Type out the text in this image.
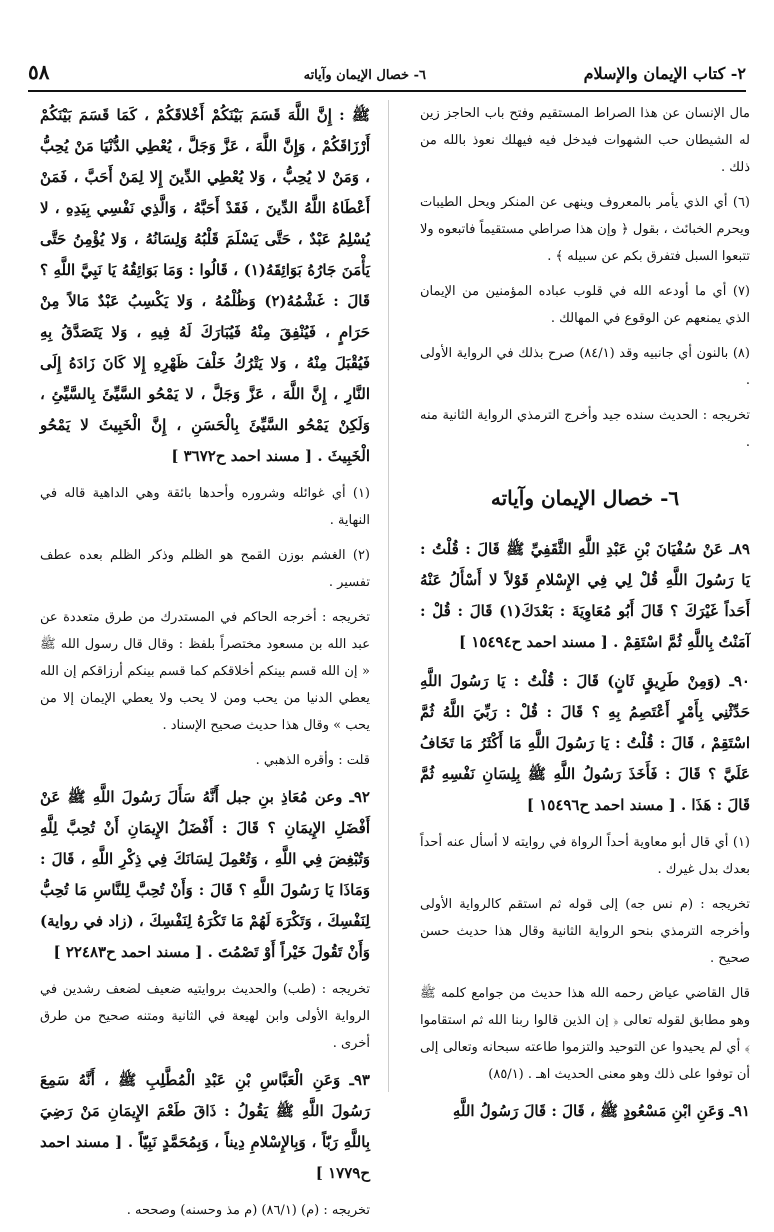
٢- كتاب الإيمان والإسلام
٦- خصال الإيمان وآياته
٥٨

مال الإنسان عن هذا الصراط المستقيم وفتح باب الحاجز زين له الشيطان حب الشهوات فيدخل فيه فيهلك نعوذ بالله من ذلك .

(٦) أي الذي يأمر بالمعروف وينهى عن المنكر ويحل الطيبات ويحرم الخبائث ، بقول ﴿ وإن هذا صراطي مستقيماً فاتبعوه ولا تتبعوا السبل فتفرق بكم عن سبيله ﴾ .

(٧) أي ما أودعه الله في قلوب عباده المؤمنين من الإيمان الذي يمنعهم عن الوقوع في المهالك .

(٨) بالنون أي جانبيه وقد (٨٤/١) صرح بذلك في الرواية الأولى .

تخريجه : الحديث سنده جيد وأخرج الترمذي الرواية الثانية منه .

٦- خصال الإيمان وآياته

٨٩ـ عَنْ سُفْيَانَ بْنِ عَبْدِ اللَّهِ الثَّقَفِيِّ ﷺ قَالَ : قُلْتُ : يَا رَسُولَ اللَّهِ قُلْ لِي فِي الإِسْلامِ قَوْلاً لا أَسْأَلُ عَنْهُ أَحَداً غَيْرَكَ ؟ قَالَ أَبُو مُعَاوِيَةَ : بَعْدَكَ(١) قَالَ : قُلْ : آمَنْتُ بِاللَّهِ ثُمَّ اسْتَقِمْ . [ مسند احمد ح١٥٤٩٤ ]

٩٠ـ (وَمِنْ طَرِيقٍ ثَانٍ) قَالَ : قُلْتُ : يَا رَسُولَ اللَّهِ حَدِّثْنِي بِأَمْرٍ أَعْتَصِمُ بِهِ ؟ قَالَ : قُلْ : رَبِّيَ اللَّهُ ثُمَّ اسْتَقِمْ ، قَالَ : قُلْتُ : يَا رَسُولَ اللَّهِ مَا أَكْثَرُ مَا تَخَافُ عَلَيَّ ؟ قَالَ : فَأَخَذَ رَسُولُ اللَّهِ ﷺ بِلِسَانِ نَفْسِهِ ثُمَّ قَالَ : هَذَا . [ مسند احمد ح١٥٤٩٦ ]

(١) أي قال أبو معاوية أحداً الرواة في روايته لا أسأل عنه أحداً بعدك بدل غيرك .

تخريجه : (م نس جه) إلى قوله ثم استقم كالرواية الأولى وأخرجه الترمذي بنحو الرواية الثانية وقال هذا حديث حسن صحيح .

قال القاضي عياض رحمه الله هذا حديث من جوامع كلمه ﷺ وهو مطابق لقوله تعالى ﴿ إن الذين قالوا ربنا الله ثم استقاموا ﴾ أي لم يحيدوا عن التوحيد والتزموا طاعته سبحانه وتعالى إلى أن توفوا على ذلك وهو معنى الحديث اهـ . (٨٥/١)

٩١ـ وَعَنِ ابْنِ مَسْعُودٍ ﷺ ، قَالَ : قَالَ رَسُولُ اللَّهِ

ﷺ : إِنَّ اللَّهَ قَسَمَ بَيْنَكُمْ أَخْلاقَكُمْ ، كَمَا قَسَمَ بَيْنَكُمْ أَرْزَاقَكُمْ ، وَإِنَّ اللَّهَ ، عَزَّ وَجَلَّ ، يُعْطِي الدُّنْيَا مَنْ يُحِبُّ ، وَمَنْ لا يُحِبُّ ، وَلا يُعْطِي الدِّينَ إِلا لِمَنْ أَحَبَّ ، فَمَنْ أَعْطَاهُ اللَّهُ الدِّينَ ، فَقَدْ أَحَبَّهُ ، وَالَّذِي نَفْسِي بِيَدِهِ ، لا يُسْلِمُ عَبْدٌ ، حَتَّى يَسْلَمَ قَلْبُهُ وَلِسَانُهُ ، وَلا يُؤْمِنُ حَتَّى يَأْمَنَ جَارُهُ بَوَائِقَهُ(١) ، قَالُوا : وَمَا بَوَائِقُهُ يَا نَبِيَّ اللَّهِ ؟ قَالَ : غَشْمُهُ(٢) وَظُلْمُهُ ، وَلا يَكْسِبُ عَبْدٌ مَالاً مِنْ حَرَامٍ ، فَيُنْفِقَ مِنْهُ فَيُبَارَكَ لَهُ فِيهِ ، وَلا يَتَصَدَّقُ بِهِ فَيُقْبَلَ مِنْهُ ، وَلا يَتْرُكُ خَلْفَ ظَهْرِهِ إِلا كَانَ زَادَهُ إِلَى النَّارِ ، إِنَّ اللَّهَ ، عَزَّ وَجَلَّ ، لا يَمْحُو السَّيِّئَ بِالسَّيِّئِ ، وَلَكِنْ يَمْحُو السَّيِّئَ بِالْحَسَنِ ، إِنَّ الْخَبِيثَ لا يَمْحُو الْخَبِيثَ . [ مسند احمد ح٣٦٧٢ ]

(١) أي غوائله وشروره وأحدها بائقة وهي الداهية قاله في النهاية .

(٢) الغشم بوزن القمح هو الظلم وذكر الظلم بعده عطف تفسير .

تخريجه : أخرجه الحاكم في المستدرك من طرق متعددة عن عبد الله بن مسعود مختصراً بلفظ : وقال قال رسول الله ﷺ « إن الله قسم بينكم أخلاقكم كما قسم بينكم أرزاقكم إن الله يعطي الدنيا من يحب ومن لا يحب ولا يعطي الإيمان إلا من يحب » وقال هذا حديث صحيح الإسناد .

قلت : وأقره الذهبي .

٩٢ـ وعن مُعَاذِ بنِ جبل أَنَّهُ سَأَلَ رَسُولَ اللَّهِ ﷺ عَنْ أَفْضَلِ الإِيمَانِ ؟ قَالَ : أَفْضَلُ الإِيمَانِ أَنْ تُحِبَّ لِلَّهِ وَتُبْغِضَ فِي اللَّهِ ، وَتُعْمِلَ لِسَانَكَ فِي ذِكْرِ اللَّهِ ، قَالَ : وَمَاذَا يَا رَسُولَ اللَّهِ ؟ قَالَ : وَأَنْ تُحِبَّ لِلنَّاسِ مَا تُحِبُّ لِنَفْسِكَ ، وَتَكْرَهَ لَهُمْ مَا تَكْرَهُ لِنَفْسِكَ ، (زاد في رواية) وَأَنْ تَقُولَ خَيْراً أَوْ تَصْمُتَ . [ مسند احمد ح٢٢٤٨٣ ]

تخريجه : (طب) والحديث بروايتيه ضعيف لضعف رشدين في الرواية الأولى وابن لهيعة في الثانية ومتنه صحيح من طرق أخرى .

٩٣ـ وَعَنِ الْعَبَّاسِ بْنِ عَبْدِ الْمُطَّلِبِ ﷺ ، أَنَّهُ سَمِعَ رَسُولَ اللَّهِ ﷺ يَقُولُ : ذَاقَ طَعْمَ الإِيمَانِ مَنْ رَضِيَ بِاللَّهِ رَبّاً ، وَبِالإِسْلامِ دِيناً ، وَبِمُحَمَّدٍ نَبِيّاً . [ مسند احمد ح١٧٧٩ ]

تخريجه : (م) (٨٦/١) (م مذ وحسنه) وصححه .
